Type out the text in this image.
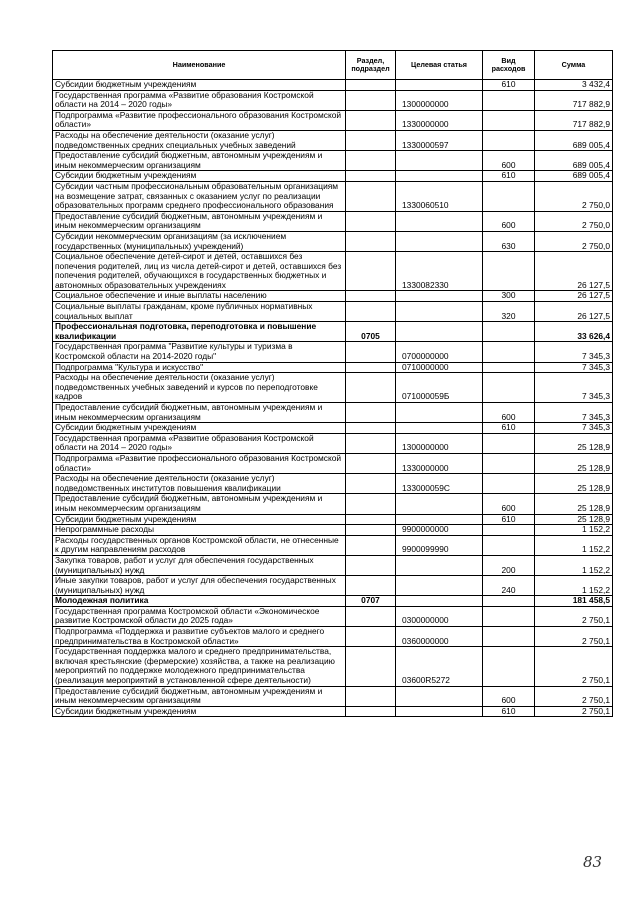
Наименование	Раздел, подраздел	Целевая статья	Вид расходов	Сумма
Субсидии бюджетным учреждениям			610	3 432,4
Государственная программа «Развитие образования Костромской области на 2014 – 2020 годы»		1300000000		717 882,9
Подпрограмма «Развитие профессионального образования Костромской области»		1330000000		717 882,9
Расходы на обеспечение деятельности (оказание услуг) подведомственных средних специальных учебных заведений		1330000597		689 005,4
Предоставление субсидий бюджетным, автономным учреждениям и иным некоммерческим организациям			600	689 005,4
Субсидии бюджетным учреждениям			610	689 005,4
Субсидии частным профессиональным образовательным организациям на возмещение затрат, связанных с оказанием услуг по реализации образовательных программ среднего профессионального образования		1330060510		2 750,0
Предоставление субсидий бюджетным, автономным учреждениям и иным некоммерческим организациям			600	2 750,0
Субсидии некоммерческим организациям (за исключением государственных (муниципальных) учреждений)			630	2 750,0
Социальное обеспечение детей-сирот и детей, оставшихся без попечения родителей, лиц из числа детей-сирот и детей, оставшихся без попечения родителей, обучающихся в государственных бюджетных и автономных образовательных учреждениях		1330082330		26 127,5
Социальное обеспечение и иные выплаты населению			300	26 127,5
Социальные выплаты гражданам, кроме публичных нормативных социальных выплат			320	26 127,5
Профессиональная подготовка, переподготовка и повышение квалификации	0705			33 626,4
Государственная программа "Развитие культуры и туризма в Костромской области на 2014-2020 годы"		0700000000		7 345,3
Подпрограмма "Культура и искусство"		0710000000		7 345,3
Расходы на обеспечение деятельности (оказание услуг) подведомственных учебных заведений и курсов по переподготовке кадров		071000059Б		7 345,3
Предоставление субсидий бюджетным, автономным учреждениям и иным некоммерческим организациям			600	7 345,3
Субсидии бюджетным учреждениям			610	7 345,3
Государственная программа «Развитие образования Костромской области на 2014 – 2020 годы»		1300000000		25 128,9
Подпрограмма «Развитие профессионального образования Костромской области»		1330000000		25 128,9
Расходы на обеспечение деятельности (оказание услуг) подведомственных институтов повышения квалификации		133000059С		25 128,9
Предоставление субсидий бюджетным, автономным учреждениям и иным некоммерческим организациям			600	25 128,9
Субсидии бюджетным учреждениям			610	25 128,9
Непрограммные расходы		9900000000		1 152,2
Расходы государственных органов Костромской области, не отнесенные к другим направлениям расходов		9900099990		1 152,2
Закупка товаров, работ и услуг для обеспечения государственных (муниципальных) нужд			200	1 152,2
Иные закупки товаров, работ и услуг для обеспечения государственных (муниципальных) нужд			240	1 152,2
Молодежная политика	0707			181 458,5
Государственная программа Костромской области «Экономическое развитие Костромской области до 2025 года»		0300000000		2 750,1
Подпрограмма «Поддержка и развитие субъектов малого и среднего предпринимательства в Костромской области»		0360000000		2 750,1
Государственная поддержка малого и среднего предпринимательства, включая крестьянские (фермерские) хозяйства, а также на реализацию мероприятий по поддержке молодежного предпринимательства (реализация мероприятий в установленной сфере деятельности)		03600R5272		2 750,1
Предоставление субсидий бюджетным, автономным учреждениям и иным некоммерческим организациям			600	2 750,1
Субсидии бюджетным учреждениям			610	2 750,1
83
